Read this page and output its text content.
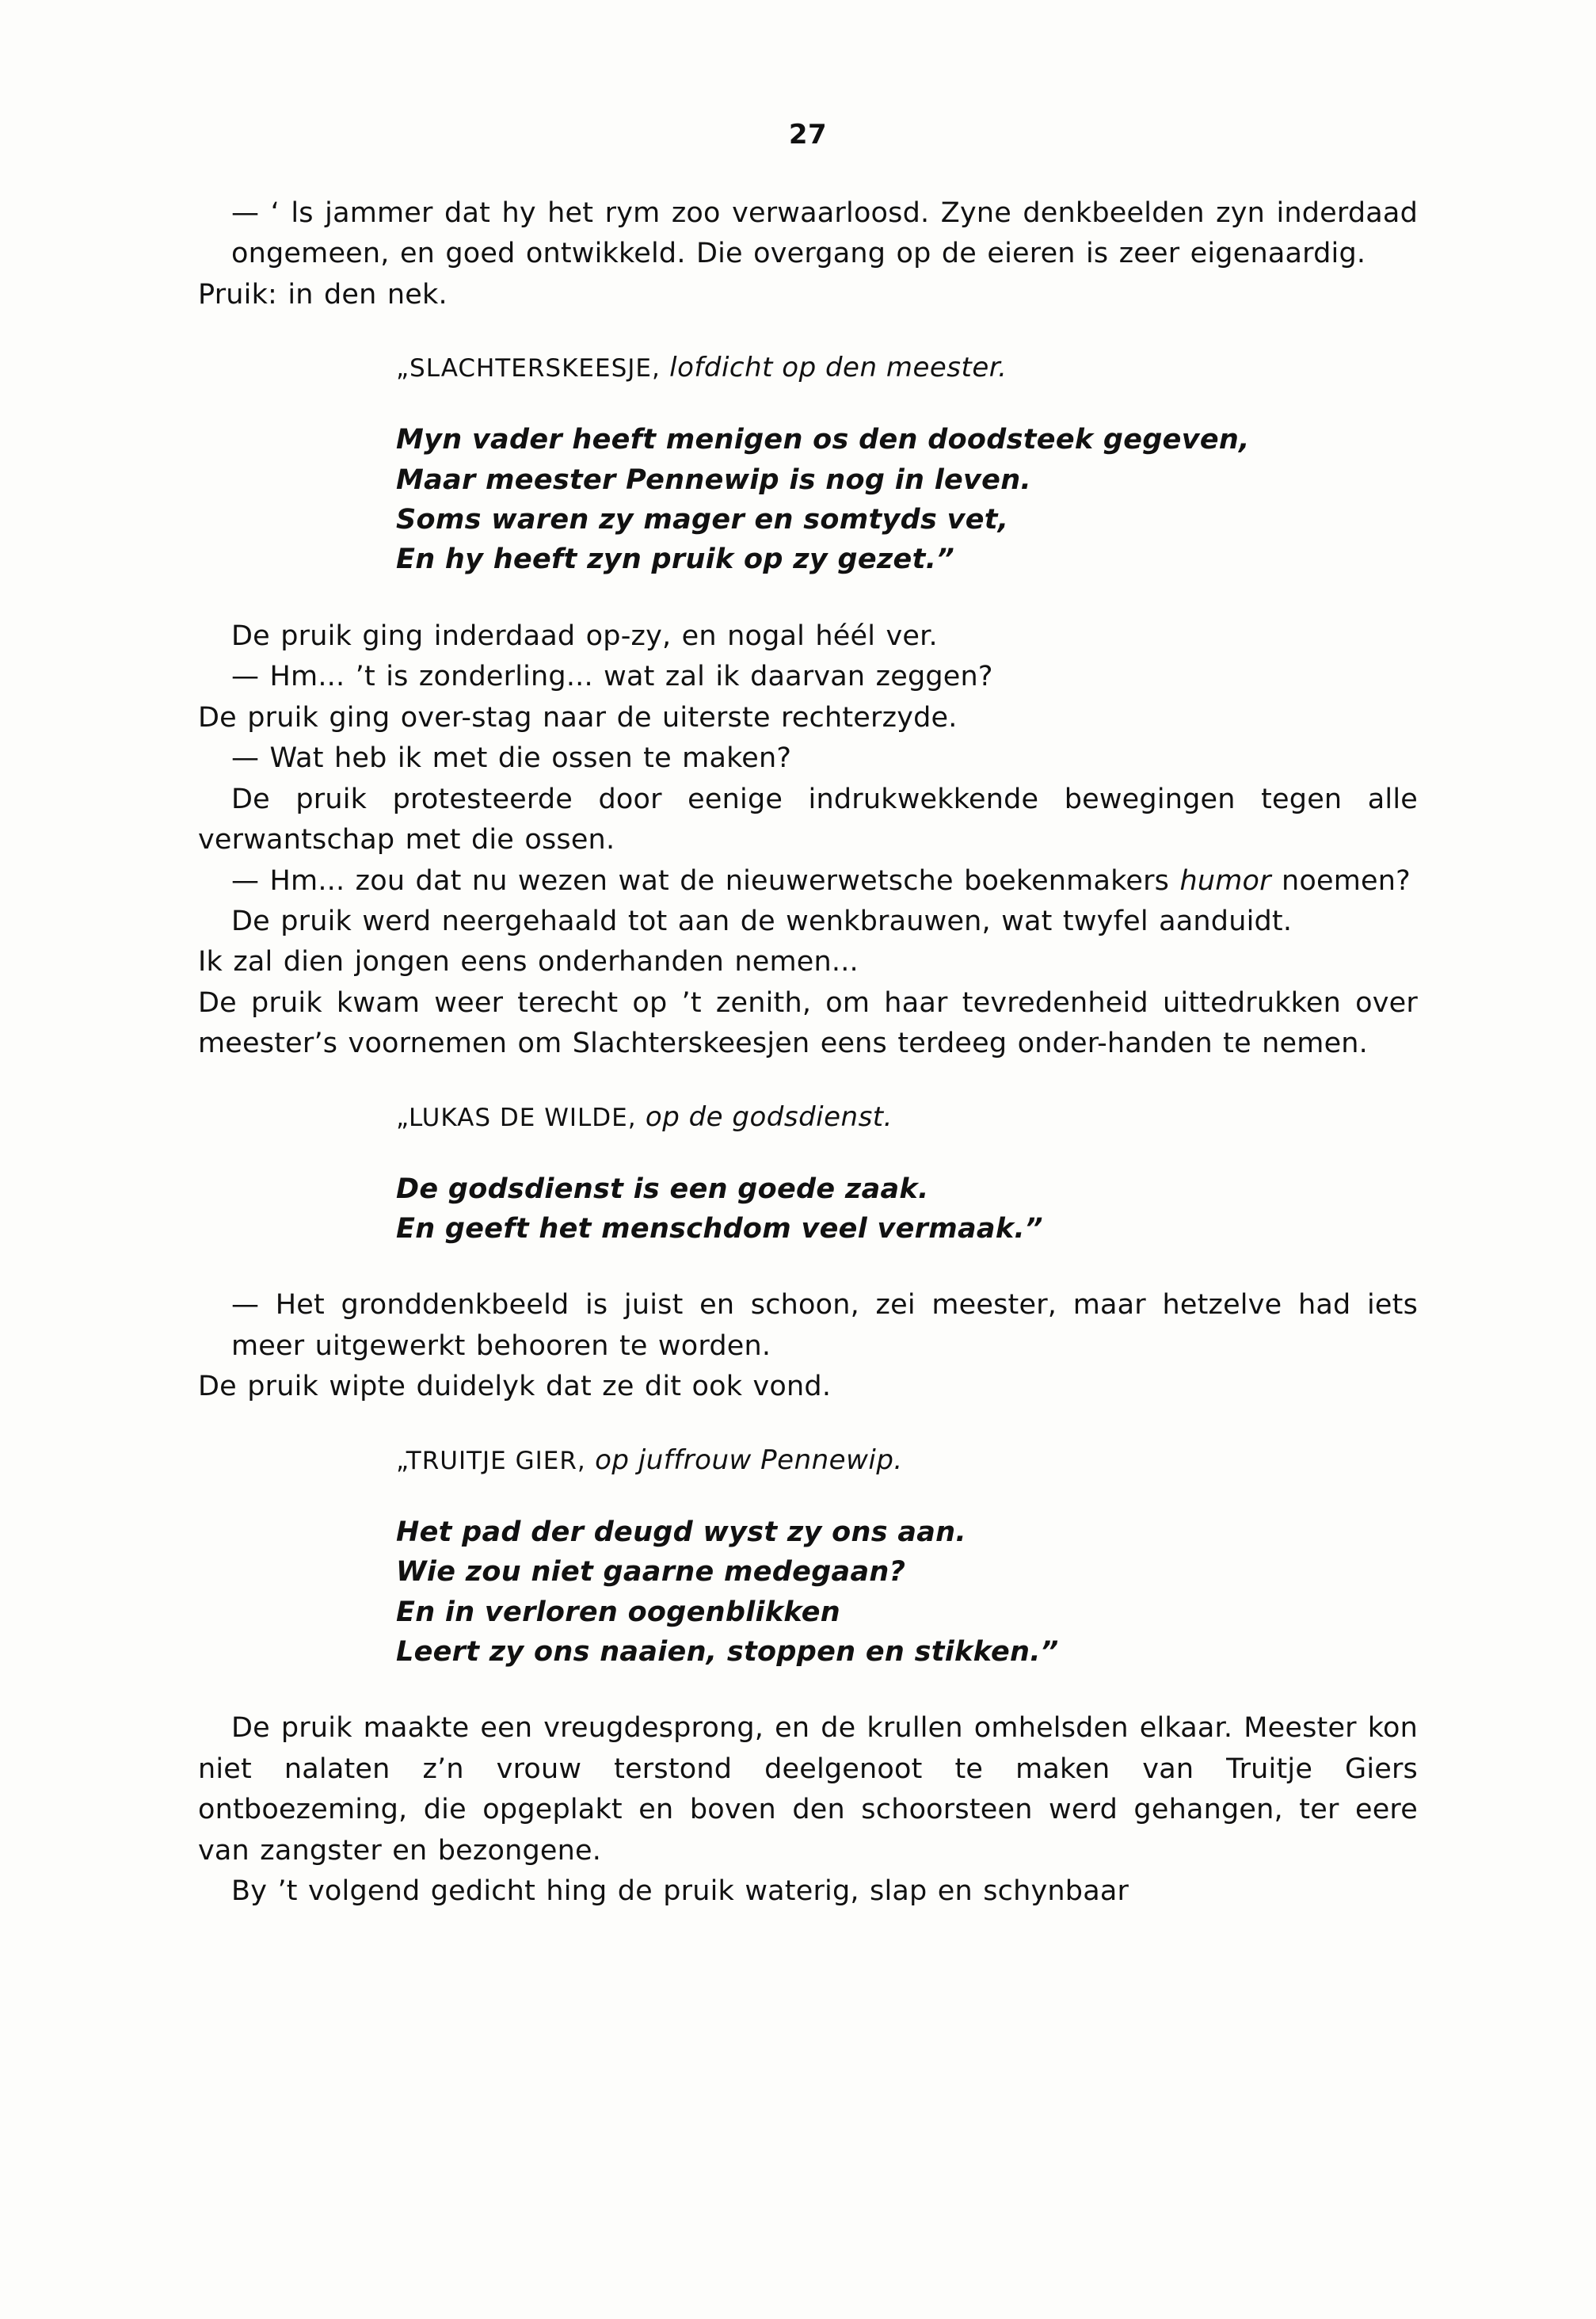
27

— ʻ ls jammer dat hy het rym zoo verwaarloosd. Zyne denkbeelden zyn inderdaad ongemeen, en goed ontwikkeld. Die overgang op de eieren is zeer eigenaardig.

Pruik: in den nek.

„SLACHTERSKEESJE, lofdicht op den meester.

Myn vader heeft menigen os den doodsteek gegeven,
Maar meester Pennewip is nog in leven.
Soms waren zy mager en somtyds vet,
En hy heeft zyn pruik op zy gezet.”

De pruik ging inderdaad op-zy, en nogal héél ver.

— Hm... ’t is zonderling... wat zal ik daarvan zeggen?

De pruik ging over-stag naar de uiterste rechterzyde.

— Wat heb ik met die ossen te maken?

De pruik protesteerde door eenige indrukwekkende bewegingen tegen alle verwantschap met die ossen.

— Hm... zou dat nu wezen wat de nieuwerwetsche boekenmakers humor noemen?

De pruik werd neergehaald tot aan de wenkbrauwen, wat twyfel aanduidt.

Ik zal dien jongen eens onderhanden nemen...

De pruik kwam weer terecht op ’t zenith, om haar tevredenheid uittedrukken over meester’s voornemen om Slachterskeesjen eens terdeeg onder-handen te nemen.

„LUKAS DE WILDE, op de godsdienst.

De godsdienst is een goede zaak.
En geeft het menschdom veel vermaak.”

— Het gronddenkbeeld is juist en schoon, zei meester, maar hetzelve had iets meer uitgewerkt behooren te worden.

De pruik wipte duidelyk dat ze dit ook vond.

„TRUITJE GIER, op juffrouw Pennewip.

Het pad der deugd wyst zy ons aan.
Wie zou niet gaarne medegaan?
En in verloren oogenblikken
Leert zy ons naaien, stoppen en stikken.”

De pruik maakte een vreugdesprong, en de krullen omhelsden elkaar. Meester kon niet nalaten z’n vrouw terstond deelgenoot te maken van Truitje Giers ontboezeming, die opgeplakt en boven den schoorsteen werd gehangen, ter eere van zangster en bezongene.

By ’t volgend gedicht hing de pruik waterig, slap en schynbaar
